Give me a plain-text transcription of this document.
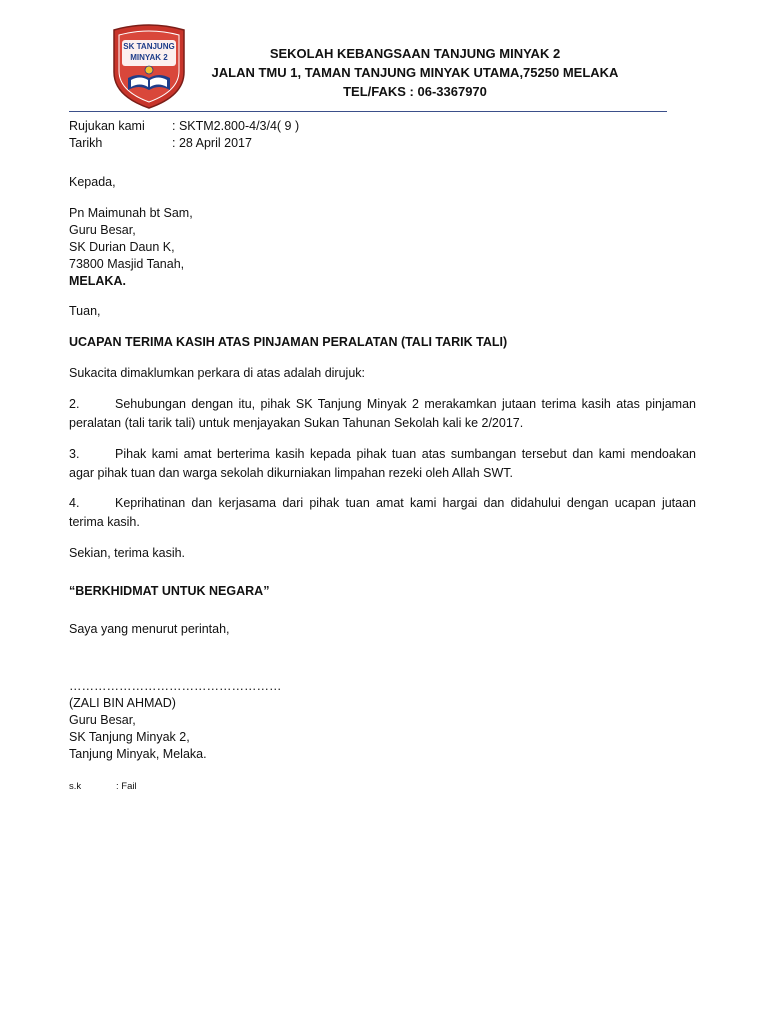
SK TANJUNG
MINYAK 2	SEKOLAH KEBANGSAAN TANJUNG MINYAK 2
JALAN TMU 1, TAMAN TANJUNG MINYAK UTAMA,75250 MELAKA
TEL/FAKS : 06-3367970
Rujukan kami : SKTM2.800-4/3/4( 9 )
Tarikh	: 28 April 2017
Kepada,
Pn Maimunah bt Sam,
Guru Besar,
SK Durian Daun K,
73800 Masjid Tanah,
MELAKA.
Tuan,
UCAPAN TERIMA KASIH ATAS PINJAMAN PERALATAN (TALI TARIK TALI)
Sukacita dimaklumkan perkara di atas adalah dirujuk:
2.	Sehubungan dengan itu, pihak SK Tanjung Minyak 2 merakamkan jutaan terima kasih atas pinjaman peralatan (tali tarik tali) untuk menjayakan Sukan Tahunan Sekolah kali ke 2/2017.
3.	Pihak kami amat berterima kasih kepada pihak tuan atas sumbangan tersebut dan kami mendoakan agar pihak tuan dan warga sekolah dikurniakan limpahan rezeki oleh Allah SWT.
4.	Keprihatinan dan kerjasama dari pihak tuan amat kami hargai dan didahului dengan ucapan jutaan terima kasih.
Sekian, terima kasih.
“BERKHIDMAT UNTUK NEGARA”
Saya yang menurut perintah,
……………………………………………
(ZALI BIN AHMAD)
Guru Besar,
SK Tanjung Minyak 2,
Tanjung Minyak, Melaka.
s.k	: Fail
